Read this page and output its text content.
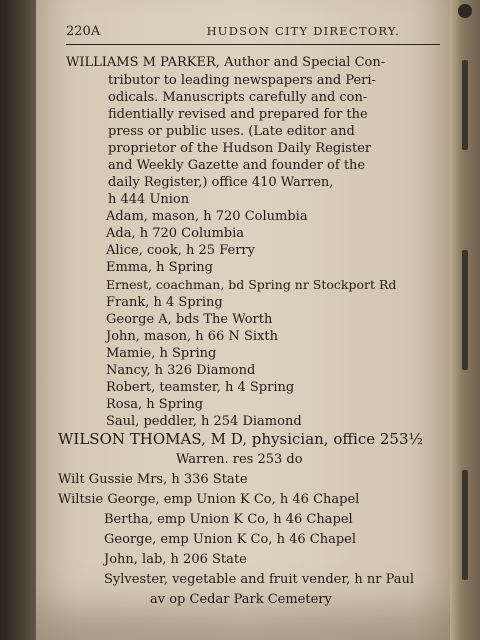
220A	HUDSON CITY DIRECTORY.
WILLIAMS M PARKER, Author and Special Con-
tributor to leading newspapers and Peri-
odicals. Manuscripts carefully and con-
fidentially revised and prepared for the
press or public uses. (Late editor and
proprietor of the Hudson Daily Register
and Weekly Gazette and founder of the
daily Register,) office 410 Warren,
h 444 Union
Adam, mason, h 720 Columbia
Ada, h 720 Columbia
Alice, cook, h 25 Ferry
Emma, h Spring
Ernest, coachman, bd Spring nr Stockport Rd
Frank, h 4 Spring
George A, bds The Worth
John, mason, h 66 N Sixth
Mamie, h Spring
Nancy, h 326 Diamond
Robert, teamster, h 4 Spring
Rosa, h Spring
Saul, peddler, h 254 Diamond
WILSON THOMAS, M D, physician, office 253½
Warren. res 253 do
Wilt Gussie Mrs, h 336 State
Wiltsie George, emp Union K Co, h 46 Chapel
Bertha, emp Union K Co, h 46 Chapel
George, emp Union K Co, h 46 Chapel
John, lab, h 206 State
Sylvester, vegetable and fruit vender, h nr Paul
av op Cedar Park Cemetery
